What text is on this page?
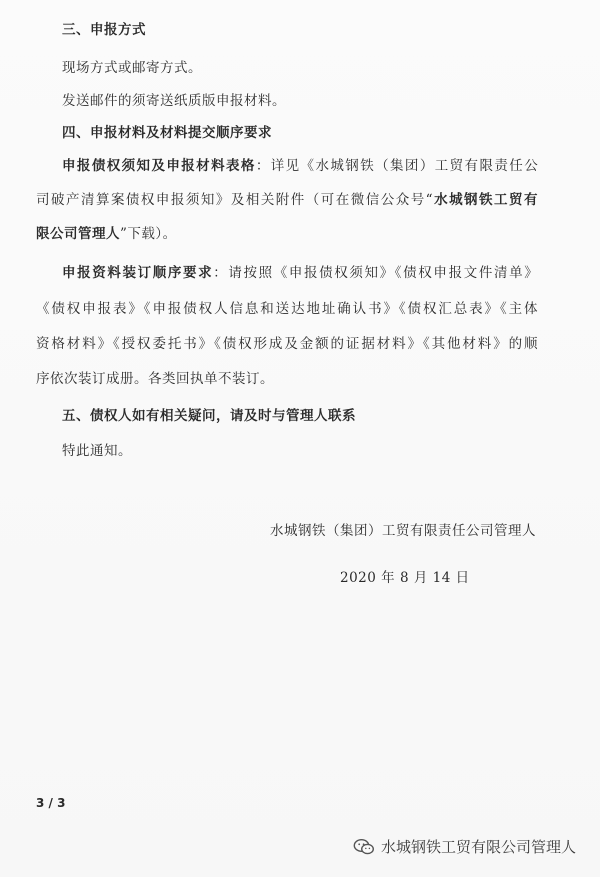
三、申报方式
现场方式或邮寄方式。
发送邮件的须寄送纸质版申报材料。
四、申报材料及材料提交顺序要求
申报债权须知及申报材料表格：详见《水城钢铁（集团）工贸有限责任公
司破产清算案债权申报须知》及相关附件（可在微信公众号“水城钢铁工贸有
限公司管理人”下载）。
申报资料装订顺序要求：请按照《申报债权须知》《债权申报文件清单》
《债权申报表》《申报债权人信息和送达地址确认书》《债权汇总表》《主体
资格材料》《授权委托书》《债权形成及金额的证据材料》《其他材料》的顺
序依次装订成册。各类回执单不装订。
五、债权人如有相关疑问，请及时与管理人联系
特此通知。
水城钢铁（集团）工贸有限责任公司管理人
2020 年 8 月 14 日
3 / 3
水城钢铁工贸有限公司管理人
